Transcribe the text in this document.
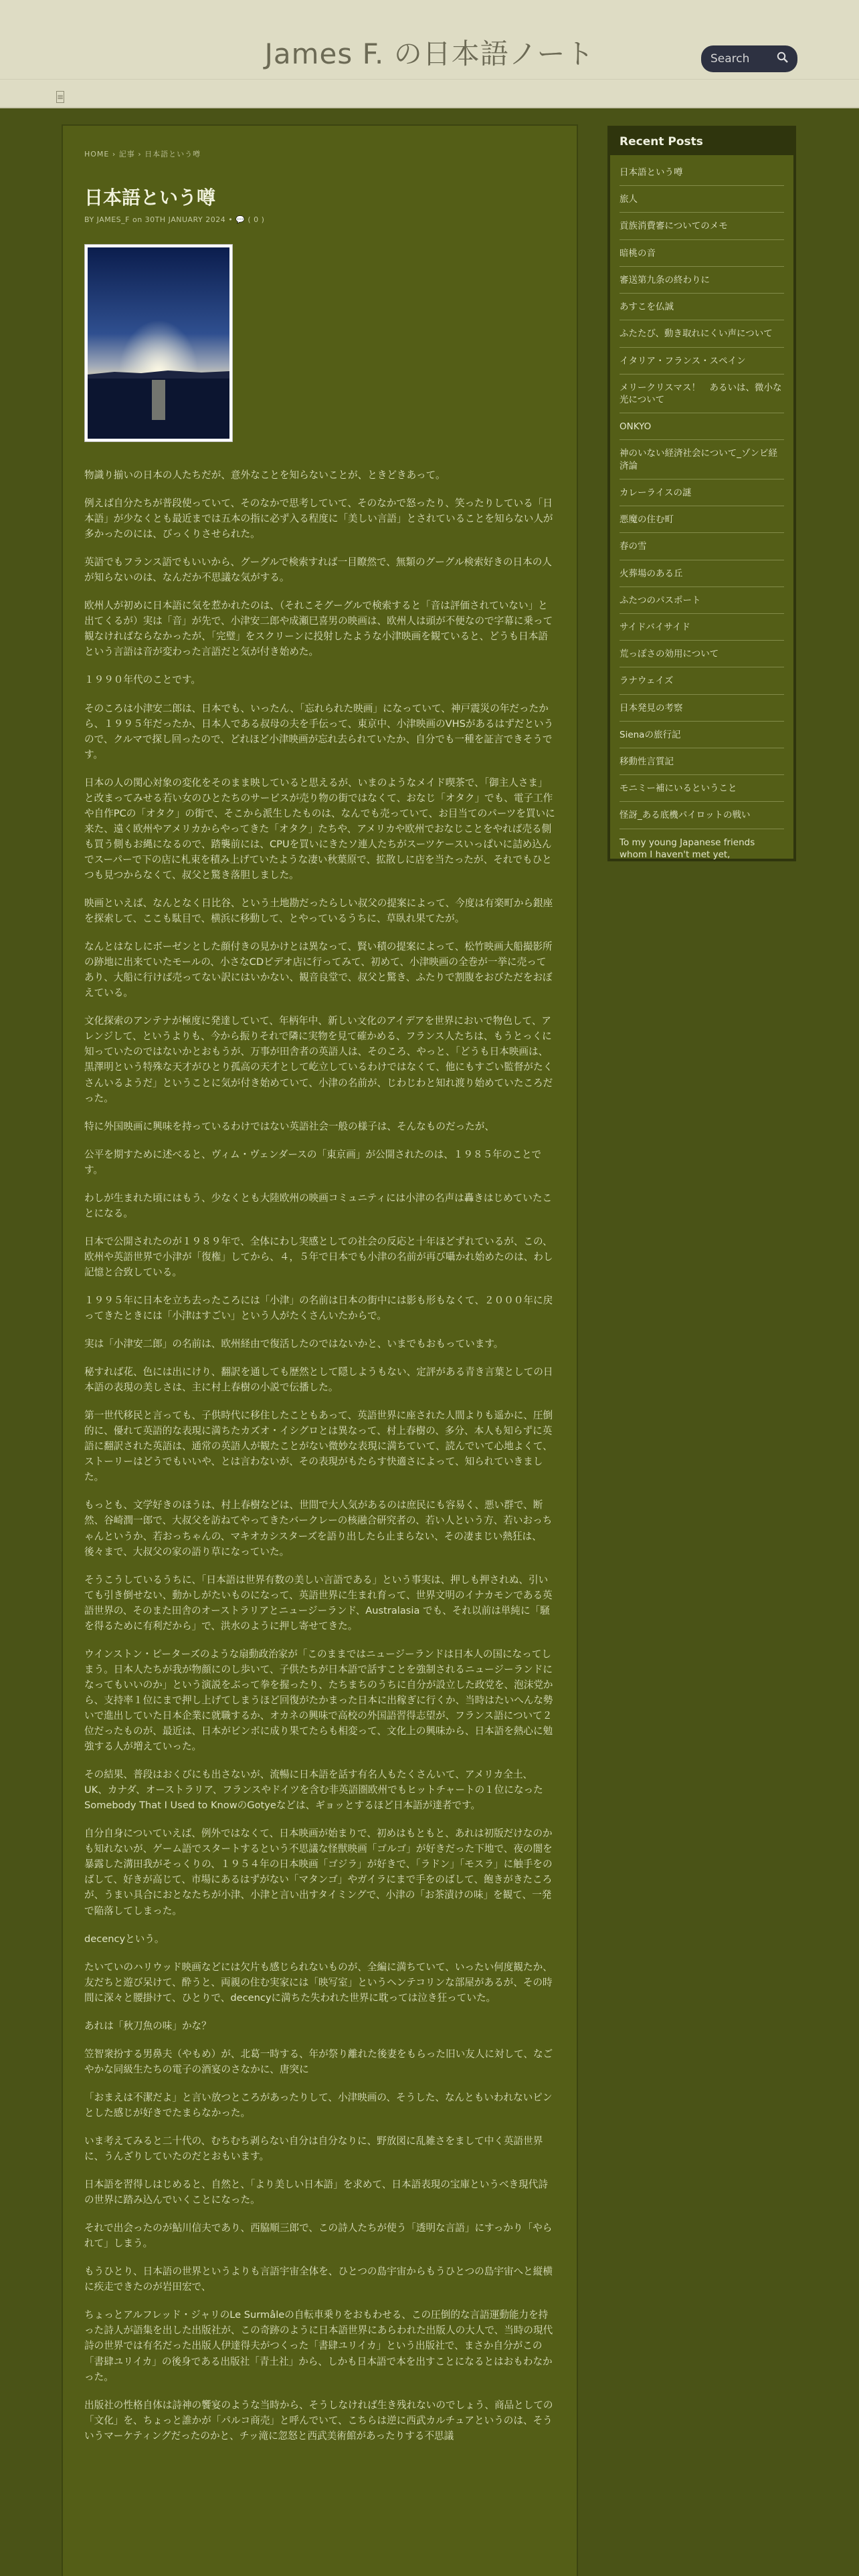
James F. の日本語ノート	Search
≡
HOME › 記事 › 日本語という噂
日本語という噂
BY JAMES_F on 30TH JANUARY 2024 • 💬 ( 0 )

物識り揃いの日本の人たちだが、意外なことを知らないことが、ときどきあって。

例えば自分たちが普段使っていて、そのなかで思考していて、そのなかで怒ったり、笑ったりしている「日本語」が少なくとも最近までは五本の指に必ず入る程度に「美しい言語」とされていることを知らない人が多かったのには、びっくりさせられた。

英語でもフランス語でもいいから、グーグルで検索すれば一目瞭然で、無類のグーグル検索好きの日本の人が知らないのは、なんだか不思議な気がする。

欧州人が初めに日本語に気を惹かれたのは、（それこそグーグルで検索すると「音は評価されていない」と出てくるが）実は「音」が先で、小津安二郎や成瀬巳喜男の映画は、欧州人は頭が不便なので字幕に乗って観なければならなかったが、「完璧」をスクリーンに投射したような小津映画を観ていると、どうも日本語という言語は音が変わった言語だと気が付き始めた。

１９９０年代のことです。

そのころは小津安二郎は、日本でも、いったん、「忘れられた映画」になっていて、神戸震災の年だったから、１９９５年だったか、日本人である叔母の夫を手伝って、東京中、小津映画のVHSがあるはずだというので、クルマで探し回ったので、どれほど小津映画が忘れ去られていたか、自分でも一種を証言できそうです。

日本の人の関心対象の変化をそのまま映していると思えるが、いまのようなメイド喫茶で、「御主人さま」と改まってみせる若い女のひとたちのサービスが売り物の街ではなくて、おなじ「オタク」でも、電子工作や自作PCの「オタク」の街で、そこから派生したものは、なんでも売っていて、お目当てのパーツを買いに来た、遠く欧州やアメリカからやってきた「オタク」たちや、アメリカや欧州でおなじことをやれば売る側も買う側もお縄になるので、踏襲前には、CPUを買いにきたソ連人たちがスーツケースいっぱいに詰め込んでスーパーで下の店に札束を積み上げていたような凄い秋葉原で、拡散しに店を当たったが、それでもひとつも見つからなくて、叔父と驚き落胆しました。

映画といえば、なんとなく日比谷、という土地勘だったらしい叔父の提案によって、今度は有楽町から銀座を探索して、ここも駄目で、横浜に移動して、とやっているうちに、草臥れ果てたが。

なんとはなしにボーゼンとした顔付きの見かけとは異なって、賢い積の提案によって、松竹映画大船撮影所の跡地に出来ていたモールの、小さなCDビデオ店に行ってみて、初めて、小津映画の全巻が一挙に売ってあり、大船に行けば売ってない訳にはいかない、観音良堂で、叔父と驚き、ふたりで割腹をおびただをおぼえている。

文化探索のアンテナが極度に発達していて、年柄年中、新しい文化のアイデアを世界においで物色して、アレンジして、というよりも、今から振りそれで隣に実物を見て確かめる、フランス人たちは、もうとっくに知っていたのではないかとおもうが、万事が田舎者の英語人は、そのころ、やっと、「どうも日本映画は、黒澤明という特殊な天才がひとり孤高の天才として屹立しているわけではなくて、他にもすごい監督がたくさんいるようだ」ということに気が付き始めていて、小津の名前が、じわじわと知れ渡り始めていたころだった。

特に外国映画に興味を持っているわけではない英語社会一般の様子は、そんなものだったが、

公平を期すために述べると、ヴィム・ヴェンダースの「東京画」が公開されたのは、１９８５年のことです。

わしが生まれた頃にはもう、少なくとも大陸欧州の映画コミュニティには小津の名声は轟きはじめていたことになる。

日本で公開されたのが１９８９年で、全体にわし実感としての社会の反応と十年ほどずれているが、この、欧州や英語世界で小津が「復権」してから、４，５年で日本でも小津の名前が再び囁かれ始めたのは、わし記憶と合致している。

１９９５年に日本を立ち去ったころには「小津」の名前は日本の街中には影も形もなくて、２０００年に戻ってきたときには「小津はすごい」という人がたくさんいたからで。

実は「小津安二郎」の名前は、欧州経由で復活したのではないかと、いまでもおもっています。

秘すれば花、色には出にけり、翻訳を通しても歴然として隠しようもない、定評がある青き言葉としての日本語の表現の美しさは、主に村上春樹の小説で伝播した。

第一世代移民と言っても、子供時代に移住したこともあって、英語世界に座された人間よりも遥かに、圧倒的に、優れて英語的な表現に満ちたカズオ・イシグロとは異なって、村上春樹の、多分、本人も知らずに英語に翻訳された英語は、通常の英語人が観たことがない微妙な表現に満ちていて、読んでいて心地よくて、ストーリーはどうでもいいや、とは言わないが、その表現がもたらす快適さによって、知られていきました。

もっとも、文学好きのほうは、村上春樹などは、世間で大人気があるのは庶民にも容易く、悪い群で、断然、谷崎潤一郎で、大叔父を訪ねてやってきたバークレーの核融合研究者の、若い人という方、若いおっちゃんというか、若おっちゃんの、マキオカシスターズを語り出したら止まらない、その凄まじい熱狂は、後々まで、大叔父の家の語り草になっていた。

そうこうしているうちに、「日本語は世界有数の美しい言語である」という事実は、押しも押されぬ、引いても引き倒せない、動かしがたいものになって、英語世界に生まれ育って、世界文明のイナカモンである英語世界の、そのまた田舎のオーストラリアとニュージーランド、Australasia でも、それ以前は単純に「騒を得るために有利だから」で、洪水のように押し寄せてきた。

ウインストン・ピーターズのような扇動政治家が「このままではニュージーランドは日本人の国になってしまう。日本人たちが我が物顔にのし歩いて、子供たちが日本語で話すことを強制されるニュージーランドになってもいいのか」という演説をぶって拳を握ったり、たちまちのうちに自分が設立した政党を、泡沫党から、支持率１位にまで押し上げてしまうほど回復がたかまった日本に出稼ぎに行くか、当時はたいへんな勢いで進出していた日本企業に就職するか、オカネの興味で高校の外国語習得志望が、フランス語について２位だったものが、最近は、日本がビンボに成り果てたらも相変って、文化上の興味から、日本語を熱心に勉強する人が増えていった。

その結果、普段はおくびにも出さないが、流暢に日本語を話す有名人もたくさんいて、アメリカ全土、UK、カナダ、オーストラリア、フランスやドイツを含む非英語圏欧州でもヒットチャートの１位になったSomebody That I Used to KnowのGotyeなどは、ギョッとするほど日本語が達者です。

自分自身についていえば、例外ではなくて、日本映画が始まりで、初めはもともと、あれは初版だけなのかも知れないが、ゲーム語でスタートするという不思議な怪獣映画「ゴルゴ」が好きだった下地で、夜の闇を暴露した溝田我がそっくりの、１９５４年の日本映画「ゴジラ」が好きで、「ラドン」「モスラ」に触手をのばして、好きが高じて、市場にあるはずがない「マタンゴ」やガイラにまで手をのばして、飽きがきたころが、うまい具合におとなたちが小津、小津と言い出すタイミングで、小津の「お茶漬けの味」を観て、一発で陥落してしまった。

decencyという。

たいていのハリウッド映画などには欠片も感じられないものが、全編に満ちていて、いったい何度観たか、友だちと遊び呆けて、酔うと、両親の住む実家には「映写室」というヘンテコリンな部屋があるが、その時間に深々と腰掛けて、ひとりで、decencyに満ちた失われた世界に耽っては泣き狂っていた。

あれは「秋刀魚の味」かな？

笠智衆扮する男鼻夫（やもめ）が、北葛一時する、年が祭り離れた後妻をもらった旧い友人に対して、なごやかな同級生たちの電子の酒宴のさなかに、唐突に

「おまえは不潔だよ」と言い放つところがあったりして、小津映画の、そうした、なんともいわれないピンとした感じが好きでたまらなかった。

いま考えてみると二十代の、むちむち剥らない自分は自分なりに、野放図に乱雑さをまして中く英語世界に、うんざりしていたのだとおもいます。

日本語を習得しはじめると、自然と、「より美しい日本語」を求めて、日本語表現の宝庫というべき現代詩の世界に踏み込んでいくことになった。

それで出会ったのが鮎川信夫であり、西脇順三郎で、この詩人たちが使う「透明な言語」にすっかり「やられて」しまう。

もうひとり、日本語の世界というよりも言語宇宙全体を、ひとつの島宇宙からもうひとつの島宇宙へと縦横に疾走できたのが岩田宏で、

ちょっとアルフレッド・ジャリのLe Surmâleの自転車乗りをおもわせる、この圧倒的な言語運動能力を持った詩人が語集を出した出版社が、この奇跡のように日本語世界にあらわれた出版人の大人で、当時の現代詩の世界では有名だった出版人伊達得夫がつくった「書肆ユリイカ」という出版社で、まさか自分がこの「書肆ユリイカ」の後身である出版社「青土社」から、しかも日本語で本を出すことになるとはおもわなかった。

出版社の性格自体は詩神の饗宴のような当時から、そうしなければ生き残れないのでしょう、商品としての「文化」を、ちょっと誰かが「パルコ商売」と呼んでいて、こちらは逆に西武カルチュアというのは、そういうマーケティングだったのかと、チッ滝に忽怒と西武美術館があったりする不思議

Recent Posts
日本語という噂
旅人
貢族消費審についてのメモ
暗桃の音
審送第九条の終わりに
あすこを仏誠
ふたたび、動き取れにくい声について
イタリア・フランス・スペイン
メリークリスマス！　あるいは、微小な光について
ONKYO
神のいない経済社会について_ゾンビ経済論
カレーライスの謎
悪魔の住む町
春の雪
火葬場のある丘
ふたつのパスポート
サイドバイサイド
荒っぽさの効用について
ラナウェイズ
日本発見の考察
Sienaの旅行記
移動性言質記
モニミー補にいるということ
怪訝_ある底機パイロットの戦い
To my young Japanese friends whom I haven't met yet,
